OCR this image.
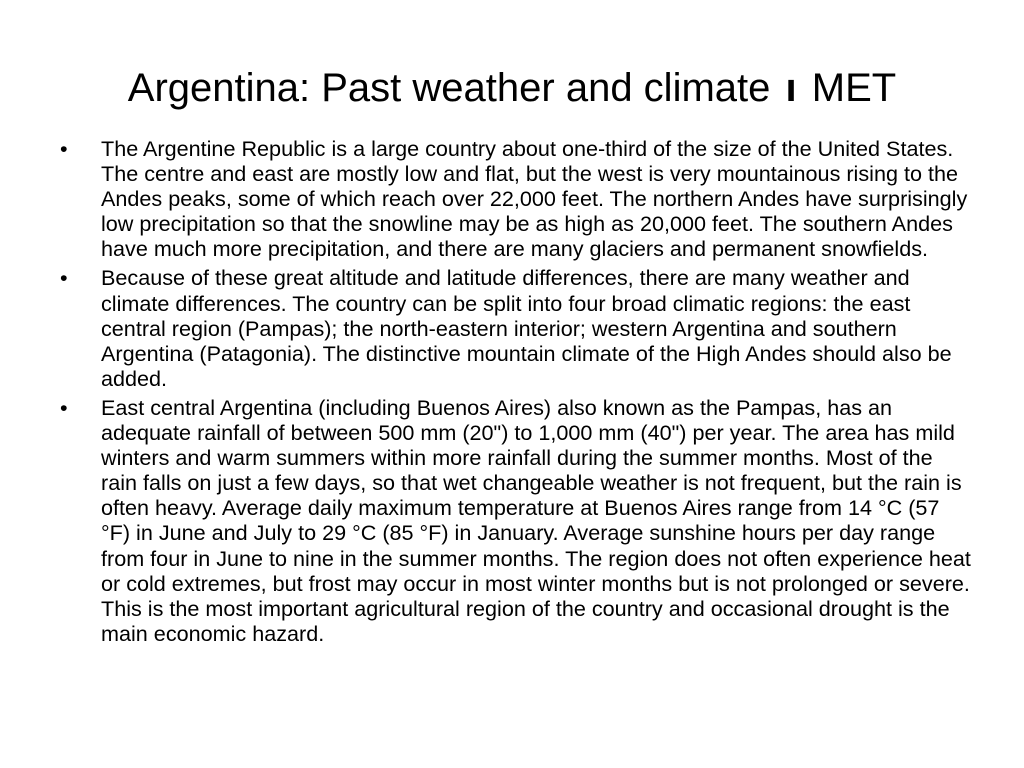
Argentina: Past weather and climate ı MET
• The Argentine Republic is a large country about one-third of the size of the United States. The centre and east are mostly low and flat, but the west is very mountainous rising to the Andes peaks, some of which reach over 22,000 feet. The northern Andes have surprisingly low precipitation so that the snowline may be as high as 20,000 feet. The southern Andes have much more precipitation, and there are many glaciers and permanent snowfields.
• Because of these great altitude and latitude differences, there are many weather and climate differences. The country can be split into four broad climatic regions: the east central region (Pampas); the north-eastern interior; western Argentina and southern Argentina (Patagonia). The distinctive mountain climate of the High Andes should also be added.
• East central Argentina (including Buenos Aires) also known as the Pampas, has an adequate rainfall of between 500 mm (20") to 1,000 mm (40") per year. The area has mild winters and warm summers within more rainfall during the summer months. Most of the rain falls on just a few days, so that wet changeable weather is not frequent, but the rain is often heavy. Average daily maximum temperature at Buenos Aires range from 14 °C (57 °F) in June and July to 29 °C (85 °F) in January. Average sunshine hours per day range from four in June to nine in the summer months. The region does not often experience heat or cold extremes, but frost may occur in most winter months but is not prolonged or severe. This is the most important agricultural region of the country and occasional drought is the main economic hazard.
